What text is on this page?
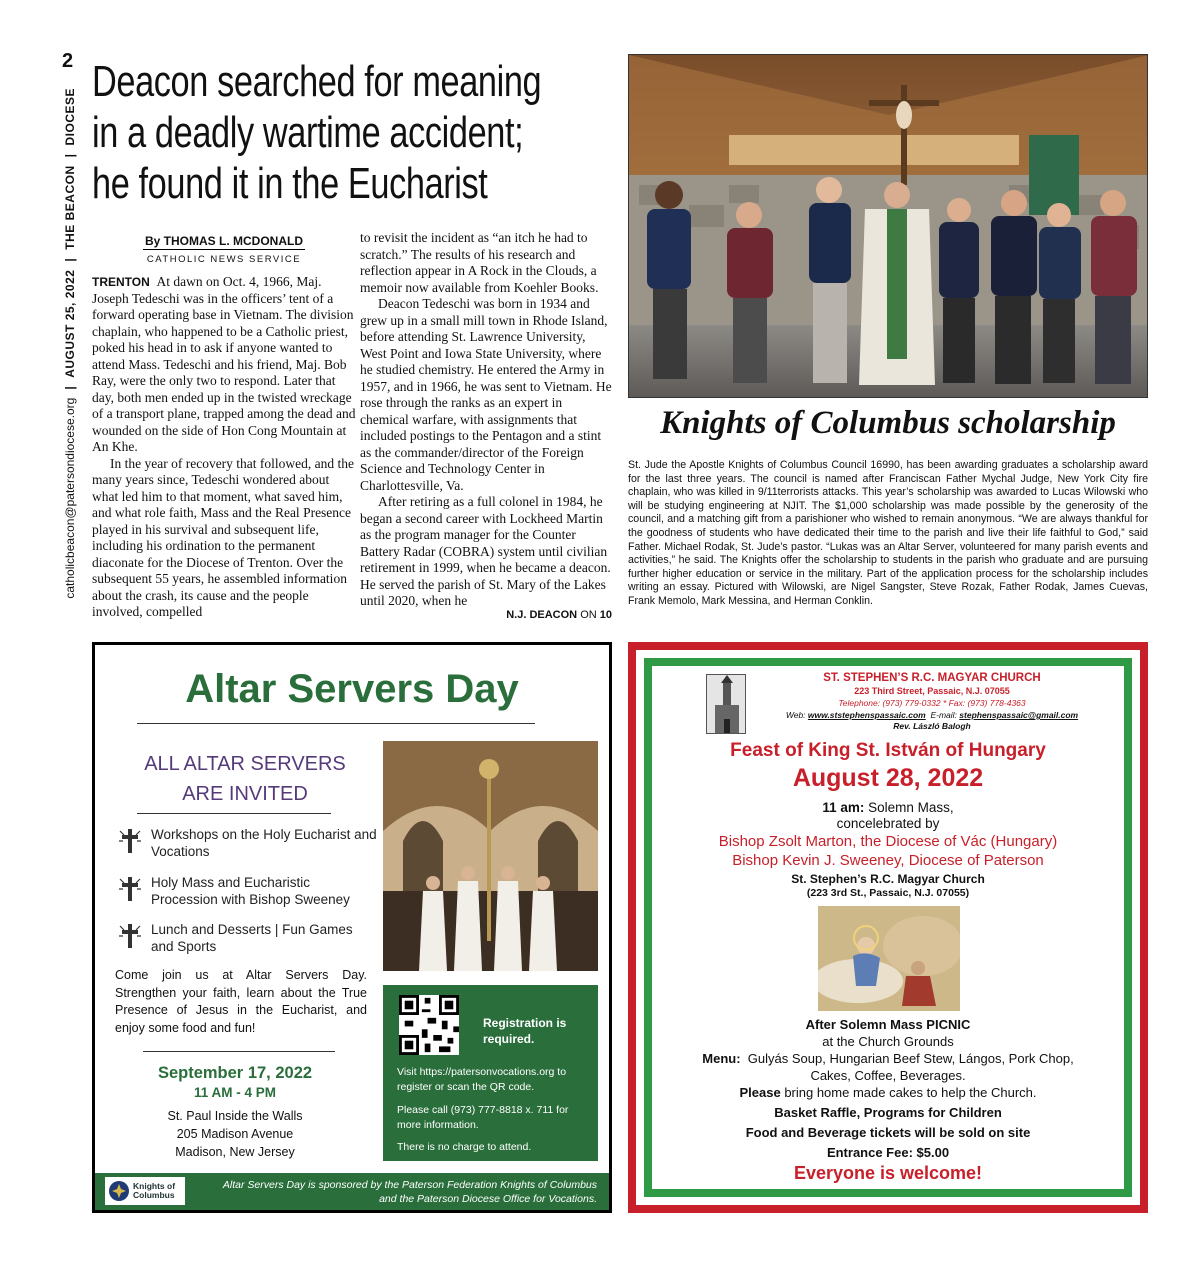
2
catholicbeacon@patersondiocese.org
|
AUGUST 25, 2022
|
THE BEACON
|
DIOCESE
Deacon searched for meaning
in a deadly wartime accident;
he found it in the Eucharist
By THOMAS L. MCDONALD
CATHOLIC NEWS SERVICE

TRENTON At dawn on Oct. 4, 1966, Maj. Joseph Tedeschi was in the officers’ tent of a forward operating base in Vietnam. The division chaplain, who happened to be a Catholic priest, poked his head in to ask if anyone wanted to attend Mass. Tedeschi and his friend, Maj. Bob Ray, were the only two to respond. Later that day, both men ended up in the twisted wreckage of a transport plane, trapped among the dead and wounded on the side of Hon Cong Mountain at An Khe.

In the year of recovery that followed, and the many years since, Tedeschi wondered about what led him to that moment, what saved him, and what role faith, Mass and the Real Presence played in his survival and subsequent life, including his ordination to the permanent diaconate for the Diocese of Trenton. Over the subsequent 55 years, he assembled information about the crash, its cause and the people involved, compelled

to revisit the incident as “an itch he had to scratch.” The results of his research and reflection appear in A Rock in the Clouds, a memoir now available from Koehler Books.

Deacon Tedeschi was born in 1934 and grew up in a small mill town in Rhode Island, before attending St. Lawrence University, West Point and Iowa State University, where he studied chemistry. He entered the Army in 1957, and in 1966, he was sent to Vietnam. He rose through the ranks as an expert in chemical warfare, with assignments that included postings to the Pentagon and a stint as the commander/director of the Foreign Science and Technology Center in Charlottesville, Va.

After retiring as a full colonel in 1984, he began a second career with Lockheed Martin as the program manager for the Counter Battery Radar (COBRA) system until civilian retirement in 1999, when he became a deacon. He served the parish of St. Mary of the Lakes until 2020, when he

N.J. DEACON ON 10
Knights of Columbus scholarship
St. Jude the Apostle Knights of Columbus Council 16990, has been awarding graduates a scholarship award for the last three years. The council is named after Franciscan Father Mychal Judge, New York City fire chaplain, who was killed in 9/11terrorists attacks. This year’s scholarship was awarded to Lucas Wilowski who will be studying engineering at NJIT. The $1,000 scholarship was made possible by the generosity of the council, and a matching gift from a parishioner who wished to remain anonymous. “We are always thankful for the goodness of students who have dedicated their time to the parish and live their life faithful to God,” said Father. Michael Rodak, St. Jude’s pastor. “Lukas was an Altar Server, volunteered for many parish events and activities,” he said. The Knights offer the scholarship to students in the parish who graduate and are pursuing further higher education or service in the military. Part of the application process for the scholarship includes writing an essay. Pictured with Wilowski, are Nigel Sangster, Steve Rozak, Father Rodak, James Cuevas, Frank Memolo, Mark Messina, and Herman Conklin.
Altar Servers Day
ALL ALTAR SERVERS
ARE INVITED
Workshops on the Holy Eucharist and Vocations
Holy Mass and Eucharistic Procession with Bishop Sweeney
Lunch and Desserts | Fun Games and Sports
Come join us at Altar Servers Day. Strengthen your faith, learn about the True Presence of Jesus in the Eucharist, and enjoy some food and fun!
September 17, 2022
11 AM - 4 PM
St. Paul Inside the Walls
205 Madison Avenue
Madison, New Jersey
Registration is required.
Visit https://patersonvocations.org to register or scan the QR code.
Please call (973) 777-8818 x. 711 for more information.
There is no charge to attend.
Knights of
Columbus
Altar Servers Day is sponsored by the Paterson Federation Knights of Columbus
and the Paterson Diocese Office for Vocations.
ST. STEPHEN’S R.C. MAGYAR CHURCH
223 Third Street, Passaic, N.J. 07055
Telephone: (973) 779-0332 * Fax: (973) 778-4363
Web: www.ststephenspassaic.com E-mail: stephenspassaic@gmail.com
Rev. László Balogh
Feast of King St. István of Hungary
August 28, 2022
11 am: Solemn Mass,
concelebrated by
Bishop Zsolt Marton, the Diocese of Vác (Hungary)
Bishop Kevin J. Sweeney, Diocese of Paterson
St. Stephen’s R.C. Magyar Church
(223 3rd St., Passaic, N.J. 07055)
After Solemn Mass PICNIC
at the Church Grounds
Menu: Gulyás Soup, Hungarian Beef Stew, Lángos, Pork Chop,
Cakes, Coffee, Beverages.
Please bring home made cakes to help the Church.
Basket Raffle, Programs for Children
Food and Beverage tickets will be sold on site
Entrance Fee: $5.00
Everyone is welcome!
